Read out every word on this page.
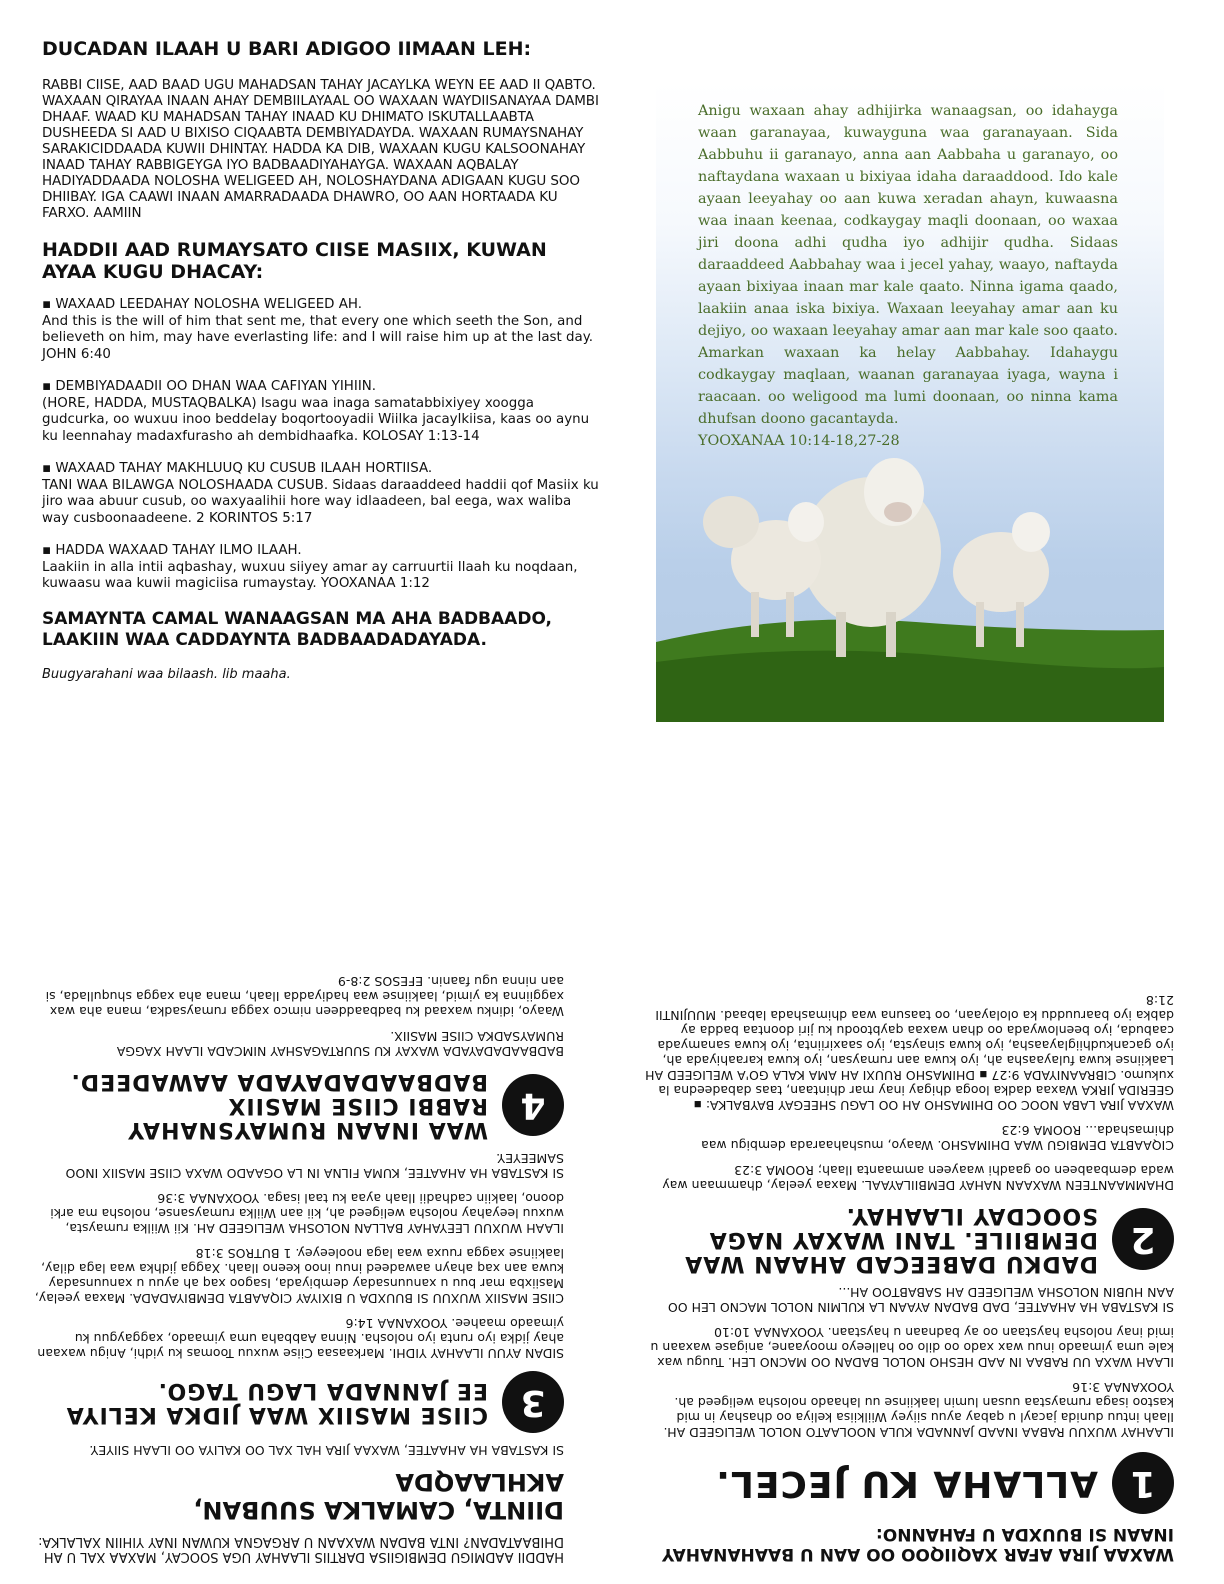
DUCADAN ILAAH U BARI ADIGOO IIMAAN LEH:
RABBI CIISE, AAD BAAD UGU MAHADSAN TAHAY JACAYLKA WEYN EE AAD II QABTO. WAXAAN QIRAYAA INAAN AHAY DEMBIILAYAAL OO WAXAAN WAYDIISANAYAA DAMBI DHAAF. WAAD KU MAHADSAN TAHAY INAAD KU DHIMATO ISKUTALLAABTA DUSHEEDA SI AAD U BIXISO CIQAABTA DEMBIYADAYDA. WAXAAN RUMAYSNAHAY SARAKICIDDAADA KUWII DHINTAY. HADDA KA DIB, WAXAAN KUGU KALSOONAHAY INAAD TAHAY RABBIGEYGA IYO BADBAADIYAHAYGA. WAXAAN AQBALAY HADIYADDAADA NOLOSHA WELIGEED AH, NOLOSHAYDANA ADIGAAN KUGU SOO DHIIBAY. IGA CAAWI INAAN AMARRADAADA DHAWRO, OO AAN HORTAADA KU FARXO. AAMIIN
HADDII AAD RUMAYSATO CIISE MASIIX, KUWAN AYAA KUGU DHACAY:
▪ WAXAAD LEEDAHAY NOLOSHA WELIGEED AH.
And this is the will of him that sent me, that every one which seeth the Son, and believeth on him, may have everlasting life: and I will raise him up at the last day. JOHN 6:40
▪ DEMBIYADAADII OO DHAN WAA CAFIYAN YIHIIN.
(HORE, HADDA, MUSTAQBALKA) Isagu waa inaga samatabbixiyey xoogga gudcurka, oo wuxuu inoo beddelay boqortooyadii Wiilka jacaylkiisa, kaas oo aynu ku leennahay madaxfurasho ah dembidhaafka. KOLOSAY 1:13-14
▪ WAXAAD TAHAY MAKHLUUQ KU CUSUB ILAAH HORTIISA.
TANI WAA BILAWGA NOLOSHAADA CUSUB. Sidaas daraaddeed haddii qof Masiix ku jiro waa abuur cusub, oo waxyaalihii hore way idlaadeen, bal eega, wax waliba way cusboonaadeene. 2 KORINTOS 5:17
▪ HADDA WAXAAD TAHAY ILMO ILAAH.
Laakiin in alla intii aqbashay, wuxuu siiyey amar ay carruurtii Ilaah ku noqdaan, kuwaasu waa kuwii magiciisa rumaystay. YOOXANAA 1:12
SAMAYNTA CAMAL WANAAGSAN MA AHA BADBAADO, LAAKIIN WAA CADDAYNTA BADBAADADAYADA.
Buugyarahani waa bilaash. lib maaha.
Anigu waxaan ahay adhijirka wanaagsan, oo idahayga waan garanayaa, kuwayguna waa garanayaan. Sida Aabbuhu ii garanayo, anna aan Aabbaha u garanayo, oo naftaydana waxaan u bixiyaa idaha daraaddood. Ido kale ayaan leeyahay oo aan kuwa xeradan ahayn, kuwaasna waa inaan keenaa, codkaygay maqli doonaan, oo waxaa jiri doona adhi qudha iyo adhijir qudha. Sidaas daraaddeed Aabbahay waa i jecel yahay, waayo, naftayda ayaan bixiyaa inaan mar kale qaato. Ninna igama qaado, laakiin anaa iska bixiya. Waxaan leeyahay amar aan ku dejiyo, oo waxaan leeyahay amar aan mar kale soo qaato. Amarkan waxaan ka helay Aabbahay. Idahaygu codkaygay maqlaan, waanan garanayaa iyaga, wayna i raacaan. oo weligood ma lumi doonaan, oo ninna kama dhufsan doono gacantayda.
YOOXANAA 10:14-18,27-28
WAXAA JIRA AFAR XAQIIQOO OO AAN U BAAHANAHAY INAAN SI BUUXDA U FAHANNO:
1ALLAHA KU JECEL.
ILAAHAY WUXUU RABAA INAAD JANNADA KULA NOOLAATO NOLOL WELIGEED AH. Ilaah intuu dunida jacayl u qabay ayuu siiyey Wiilkiisa keliya oo dhashay in mid kastoo isaga rumaystaa uusan lumin laakiinse uu lahaado nolosha weligeed ah. YOOXANAA 3:16
ILAAH WAXA UU RABAA IN AAD HESHO NOLOL BADAN OO MACNO LEH. Tuugu wax kale uma yimaado inuu wax xado oo dilo oo halleeyo mooyaane, anigase waxaan u imid inay nolosha haystaan oo ay badnaan u haystaan. YOOXANAA 10:10
SI KASTABA HA AHAATEE, DAD BADAN AYAAN LA KULMIN NOLOL MACNO LEH OO AAN HUBIN NOLOSHA WELIGEED AH SABABTOO AH...
2DADKU DABEECAD AHAAN WAA DEMBIILE. TANI WAXAY NAGA SOOCDAY ILAAHAY.
DHAMMAANTEEN WAXAAN NAHAY DEMBIILAYAAL. Maxaa yeelay, dhammaan way wada dembaabeen oo gaadhi waayeen ammaanta Ilaah; ROOMA 3:23
CIQAABTA DEMBIGU WAA DHIMASHO. Waayo, mushahaaradа dembigu waa dhimashada... ROOMA 6:23
WAXAA JIRA LABA NOOC OO DHIMASHO AH OO LAGU SHEEGAY BAYBALKA: ▪ GEERIDA JIRKA Waxaa dadka looga dhigay inay mar dhintaan, taas dabadeedna la xukumo. CIBRAANIYADA 9:27 ▪ DHIMASHO RUUXI AH AMA KALA GO'A WELIGEED AH Laakiinse kuwa fulayaasha ah, iyo kuwa aan rumaysan, iyo kuwa karaahiyada ah, iyo gacankudhiiglayaasha, iyo kuwa sinaysta, iyo saaxiriinta, iyo kuwa sanamyada caabuda, iyo beenlowyada oo dhan waxaa qaybtoodu ku jiri doontaa badda ay dabka iyo baaruuddu ka ololayaan, oo taasuna waa dhimashada labaad. MUUJINTII 21:8
HADDII AADMIGU DEMBIGIISA DARTIIS ILAAHAY UGA SOOCAY, MAXAA XAL U AH DHIBAATADAN? INTA BADAN WAXAAN U ARGAGNA KUWAN INAY YIHIIN XALALKA:
DIINTA, CAMALKA SUUBAN, AKHLAAQDA
SI KASTABA HA AHAATEE, WAXAA JIRA HAL XAL OO KALIYA OO ILAAH SIIYEY.
3CIISE MASIIX WAA JIDKA KELIYA EE JANNADA LAGU TAGO.
SIDAN AYUU ILAAHAY YIDHI. Markaasaa Ciise wuxuu Toomas ku yidhi, Anigu waxaan ahay jidka iyo runta iyo nolosha. Ninna Aabbaha uma yimaado, xaggayguu ku yimaado maahee. YOOXANAA 14:6
CIISE MASIIX WUXUU SI BUUXDA U BIXIYAY CIQAABTA DEMBIYADADA. Maxaa yeelay, Masiixba mar buu u xanuunsaday dembiyada, Isagoo xaq ah ayuu u xanuunsaday kuwa aan xaq ahayn aawadeed inuu inoo keeno Ilaah. Xagga jidhka waa laga dilay, laakiinse xagga ruuxa waa laga nooleeyey. 1 BUTROS 3:18
ILAAH WUXUU LEEYAHAY BALLAN NOLOSHA WELIGEED AH. Kii Wiilka rumaysta, wuxuu leeyahay nolosha weligeed ah, kii aan Wiilka rumaysanse, nolosha ma arki doono, laakiin cadhadii Ilaah ayaa ku taal isaga. YOOXANAA 3:36
SI KASTABA HA AHAATEE, KUMA FILNA IN LA OGAADO WAXA CIISE MASIIX INOO SAMEEYEY.
4WAA INAAN RUMAYSNAHAY RABBI CIISE MASIIX BADBAADADAYADA AAWADEED.
BADBAADADAYADA WAXAY KU SUURTAGASHAY NIMCADA ILAAH XAGGA RUMAYSADKA CIISE MASIIX.
Waayo, idinku waxaad ku badbaaddeen nimco xagga rumaysadka, mana aha wax xaggiinna ka yimid, laakiinse waa hadiyadda Ilaah, mana aha xagga shuqullada, si aan ninna ugu faanin. EFESOS 2:8-9
